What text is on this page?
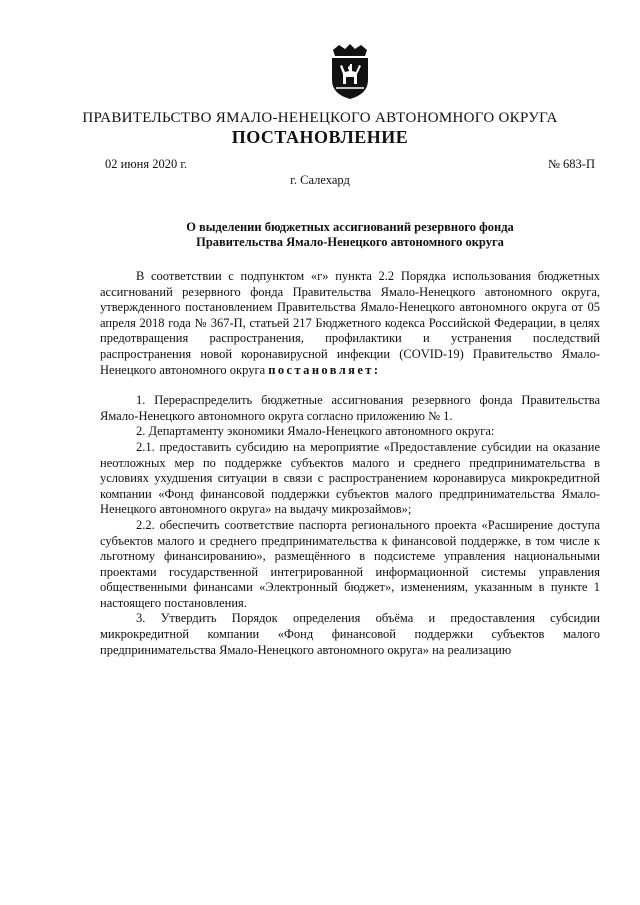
ПРАВИТЕЛЬСТВО ЯМАЛО-НЕНЕЦКОГО АВТОНОМНОГО ОКРУГА
ПОСТАНОВЛЕНИЕ
02 июня 2020 г.	№ 683-П
г. Салехард
О выделении бюджетных ассигнований резервного фонда
Правительства Ямало-Ненецкого автономного округа

В соответствии с подпунктом «г» пункта 2.2 Порядка использования бюджетных ассигнований резервного фонда Правительства Ямало-Ненецкого автономного округа, утвержденного постановлением Правительства Ямало-Ненецкого автономного округа от 05 апреля 2018 года № 367-П, статьей 217 Бюджетного кодекса Российской Федерации, в целях предотвращения распространения, профилактики и устранения последствий распространения новой коронавирусной инфекции (COVID-19) Правительство Ямало-Ненецкого автономного округа постановляет:

1. Перераспределить бюджетные ассигнования резервного фонда Правительства Ямало-Ненецкого автономного округа согласно приложению № 1.

2. Департаменту экономики Ямало-Ненецкого автономного округа:

2.1. предоставить субсидию на мероприятие «Предоставление субсидии на оказание неотложных мер по поддержке субъектов малого и среднего предпринимательства в условиях ухудшения ситуации в связи с распространением коронавируса микрокредитной компании «Фонд финансовой поддержки субъектов малого предпринимательства Ямало-Ненецкого автономного округа» на выдачу микрозаймов»;

2.2. обеспечить соответствие паспорта регионального проекта «Расширение доступа субъектов малого и среднего предпринимательства к финансовой поддержке, в том числе к льготному финансированию», размещённого в подсистеме управления национальными проектами государственной интегрированной информационной системы управления общественными финансами «Электронный бюджет», изменениям, указанным в пункте 1 настоящего постановления.

3. Утвердить Порядок определения объёма и предоставления субсидии микрокредитной компании «Фонд финансовой поддержки субъектов малого предпринимательства Ямало-Ненецкого автономного округа» на реализацию
